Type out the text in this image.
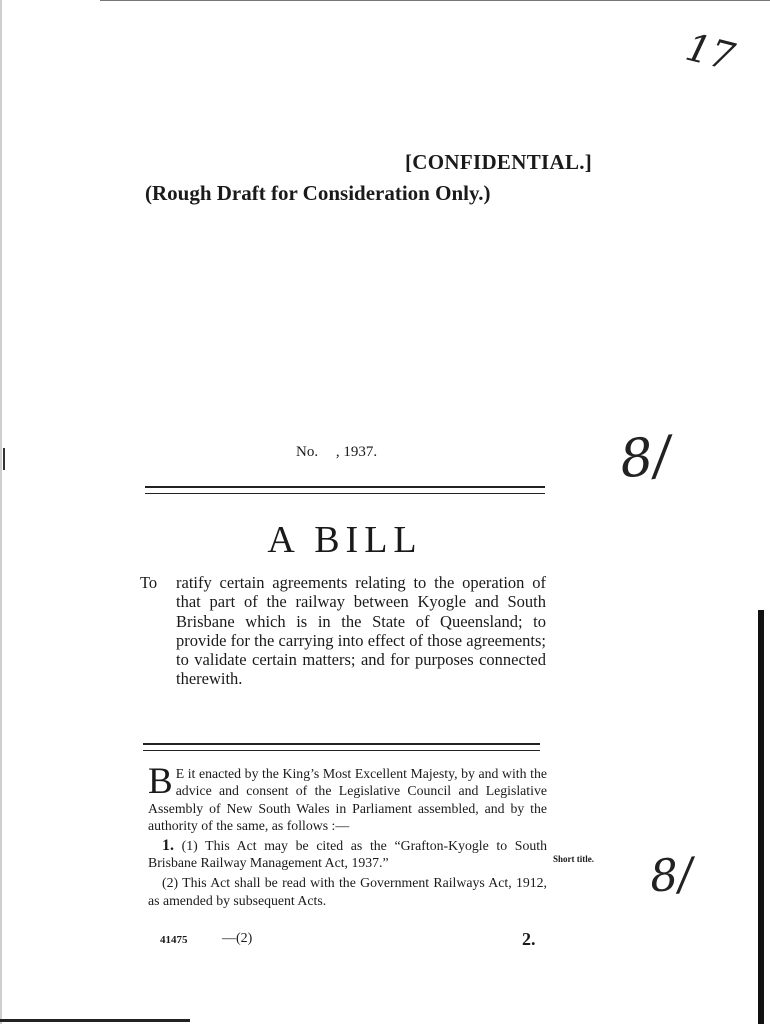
17
[CONFIDENTIAL.]
(Rough Draft for Consideration Only.)
No. , 1937.	8/
A BILL
To ratify certain agreements relating to the operation of that part of the railway between Kyogle and South Brisbane which is in the State of Queensland; to provide for the carrying into effect of those agreements; to validate certain matters; and for purposes connected therewith.

B E it enacted by the King’s Most Excellent Majesty, by and with the advice and consent of the Legislative Council and Legislative Assembly of New South Wales in Parliament assembled, and by the authority of the same, as follows :—

1. (1) This Act may be cited as the “Grafton-Kyogle to South Brisbane Railway Management Act, 1937.”

(2) This Act shall be read with the Government Railways Act, 1912, as amended by subsequent Acts.

Short title. 8/
41475 —(2)	2.
